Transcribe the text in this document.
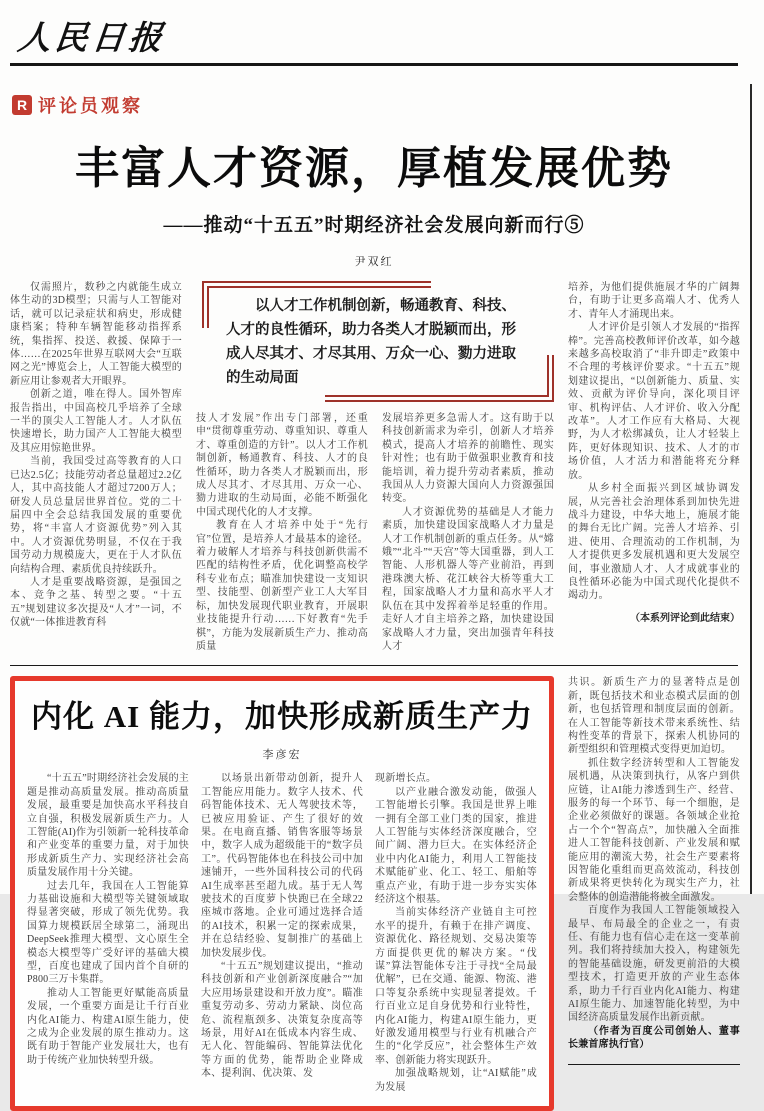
人民日报
R 评论员观察
丰富人才资源，厚植发展优势
——推动“十五五”时期经济社会发展向新而行⑤
尹双红

仅需照片，数秒之内就能生成立体生动的3D模型；只需与人工智能对话，就可以记录症状和病史，形成健康档案；特种车辆智能移动指挥系统，集指挥、投送、救援、保障于一体……在2025年世界互联网大会“互联网之光”博览会上，人工智能大模型的新应用让参观者大开眼界。

创新之道，唯在得人。国外智库报告指出，中国高校几乎培养了全球一半的顶尖人工智能人才。人才队伍快速增长，助力国产人工智能大模型及其应用惊艳世界。

当前，我国受过高等教育的人口已达2.5亿；技能劳动者总量超过2.2亿人，其中高技能人才超过7200万人；研发人员总量居世界首位。党的二十届四中全会总结我国发展的重要优势，将“丰富人才资源优势”列入其中。人才资源优势明显，不仅在于我国劳动力规模庞大，更在于人才队伍向结构合理、素质优良持续跃升。

人才是重要战略资源，是强国之本、竞争之基、转型之要。“十五五”规划建议多次提及“人才”一词，不仅就“一体推进教育科

以人才工作机制创新，畅通教育、科技、人才的良性循环，助力各类人才脱颖而出，形成人尽其才、才尽其用、万众一心、勠力进取的生动局面

技人才发展”作出专门部署，还重申“贯彻尊重劳动、尊重知识、尊重人才、尊重创造的方针”。以人才工作机制创新，畅通教育、科技、人才的良性循环，助力各类人才脱颖而出，形成人尽其才、才尽其用、万众一心、勠力进取的生动局面，必能不断强化中国式现代化的人才支撑。

教育在人才培养中处于“先行官”位置，是培养人才最基本的途径。着力破解人才培养与科技创新供需不匹配的结构性矛盾，优化调整高校学科专业布点；瞄准加快建设一支知识型、技能型、创新型产业工人大军目标，加快发展现代职业教育，开展职业技能提升行动……下好教育“先手棋”，方能为发展新质生产力、推动高质量

发展培养更多急需人才。这有助于以科技创新需求为牵引，创新人才培养模式，提高人才培养的前瞻性、现实针对性；也有助于做强职业教育和技能培训，着力提升劳动者素质，推动我国从人力资源大国向人力资源强国转变。

人才资源优势的基础是人才能力素质，加快建设国家战略人才力量是人才工作机制创新的重点任务。从“嫦娥”“北斗”“天宫”等大国重器，到人工智能、人形机器人等产业前沿，再到港珠澳大桥、花江峡谷大桥等重大工程，国家战略人才力量和高水平人才队伍在其中发挥着举足轻重的作用。走好人才自主培养之路，加快建设国家战略人才力量，突出加强青年科技人才

培养，为他们提供施展才华的广阔舞台，有助于让更多高端人才、优秀人才、青年人才涌现出来。

人才评价是引领人才发展的“指挥棒”。完善高校教师评价改革，如今越来越多高校取消了“非升即走”政策中不合理的考核评价要求。“十五五”规划建议提出，“以创新能力、质量、实效、贡献为评价导向，深化项目评审、机构评估、人才评价、收入分配改革”。人才工作应有大格局、大视野，为人才松绑减负，让人才轻装上阵，更好体现知识、技术、人才的市场价值，人才活力和潜能将充分释放。

从乡村全面振兴到区域协调发展，从完善社会治理体系到加快先进战斗力建设，中华大地上，施展才能的舞台无比广阔。完善人才培养、引进、使用、合理流动的工作机制，为人才提供更多发展机遇和更大发展空间，事业激励人才、人才成就事业的良性循环必能为中国式现代化提供不竭动力。

（本系列评论到此结束）
内化 AI 能力，加快形成新质生产力
李彦宏

“十五五”时期经济社会发展的主题是推动高质量发展。推动高质量发展，最重要是加快高水平科技自立自强，积极发展新质生产力。人工智能(AI)作为引领新一轮科技革命和产业变革的重要力量，对于加快形成新质生产力、实现经济社会高质量发展作用十分关键。

过去几年，我国在人工智能算力基础设施和大模型等关键领域取得显著突破，形成了领先优势。我国算力规模跃居全球第二，涌现出DeepSeek推理大模型、文心原生全模态大模型等广受好评的基础大模型，百度也建成了国内首个自研的P800三万卡集群。

推动人工智能更好赋能高质量发展，一个重要方面是让千行百业内化AI能力、构建AI原生能力，使之成为企业发展的原生推动力。这既有助于智能产业发展壮大，也有助于传统产业加快转型升级。

以场景出新带动创新，提升人工智能应用能力。数字人技术、代码智能体技术、无人驾驶技术等，已被应用验证、产生了很好的效果。在电商直播、销售客服等场景中，数字人成为超级能干的“数字员工”。代码智能体也在科技公司中加速铺开，一些外国科技公司的代码AI生成率甚至超九成。基于无人驾驶技术的百度萝卜快跑已在全球22座城市落地。企业可通过选择合适的AI技术，积累一定的探索成果，并在总结经验、复制推广的基础上加快发展步伐。

“十五五”规划建议提出，“推动科技创新和产业创新深度融合”“加大应用场景建设和开放力度”。瞄准重复劳动多、劳动力紧缺、岗位高危、流程瓶颈多、决策复杂度高等场景，用好AI在低成本内容生成、无人化、智能编码、智能算法优化等方面的优势，能帮助企业降成本、提利润、优决策、发

现新增长点。

以产业融合激发动能，做强人工智能增长引擎。我国是世界上唯一拥有全部工业门类的国家，推进人工智能与实体经济深度融合，空间广阔、潜力巨大。在实体经济企业中内化AI能力，利用人工智能技术赋能矿业、化工、轻工、船舶等重点产业，有助于进一步夯实实体经济这个根基。

当前实体经济产业链自主可控水平的提升，有赖于在排产调度、资源优化、路径规划、交易决策等方面提供更优的解决方案。“伐谋”算法智能体专注于寻找“全局最优解”，已在交通、能源、物流、港口等复杂系统中实现显著提效。千行百业立足自身优势和行业特性，内化AI能力，构建AI原生能力，更好激发通用模型与行业有机融合产生的“化学反应”，社会整体生产效率、创新能力将实现跃升。

加强战略规划，让“AI赋能”成为发展

共识。新质生产力的显著特点是创新，既包括技术和业态模式层面的创新，也包括管理和制度层面的创新。在人工智能等新技术带来系统性、结构性变革的背景下，探索人机协同的新型组织和管理模式变得更加迫切。

抓住数字经济转型和人工智能发展机遇，从决策到执行，从客户到供应链，让AI能力渗透到生产、经营、服务的每一个环节、每一个细胞，是企业必须做好的课题。各领域企业抢占一个个“智高点”，加快融入全面推进人工智能科技创新、产业发展和赋能应用的潮流大势，社会生产要素将因智能化重组而更高效流动，科技创新成果将更快转化为现实生产力，社会整体的创造潜能将被全面激发。

百度作为我国人工智能领域投入最早、布局最全的企业之一，有责任、有能力也有信心走在这一变革前列。我们将持续加大投入，构建领先的智能基础设施，研发更前沿的大模型技术，打造更开放的产业生态体系，助力千行百业内化AI能力、构建AI原生能力、加速智能化转型，为中国经济高质量发展作出新贡献。

（作者为百度公司创始人、董事长兼首席执行官）
